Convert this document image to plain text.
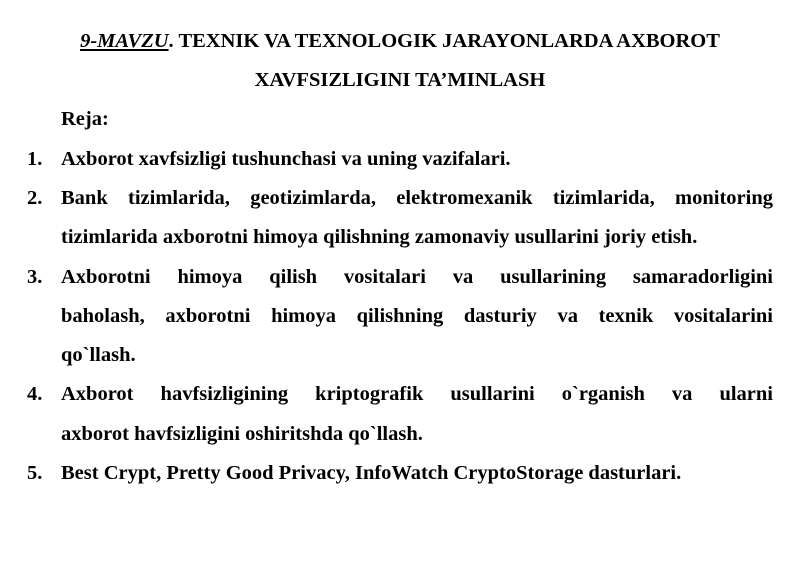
9-MAVZU. TEXNIK VA TEXNOLOGIK JARAYONLARDA AXBOROT
XAVFSIZLIGINI TA’MINLASH
Reja:
1. Axborot xavfsizligi tushunchasi va uning vazifalari.
2. Bank tizimlarida, geotizimlarda, elektromexanik tizimlarida, monitoring
tizimlarida axborotni himoya qilishning zamonaviy usullarini joriy etish.
3. Axborotni himoya qilish vositalari va usullarining samaradorligini
baholash, axborotni himoya qilishning dasturiy va texnik vositalarini
qo`llash.
4. Axborot havfsizligining kriptografik usullarini o`rganish va ularni
axborot havfsizligini oshiritshda qo`llash.
5. Best Crypt, Pretty Good Privacy, InfoWatch CryptoStorage dasturlari.
